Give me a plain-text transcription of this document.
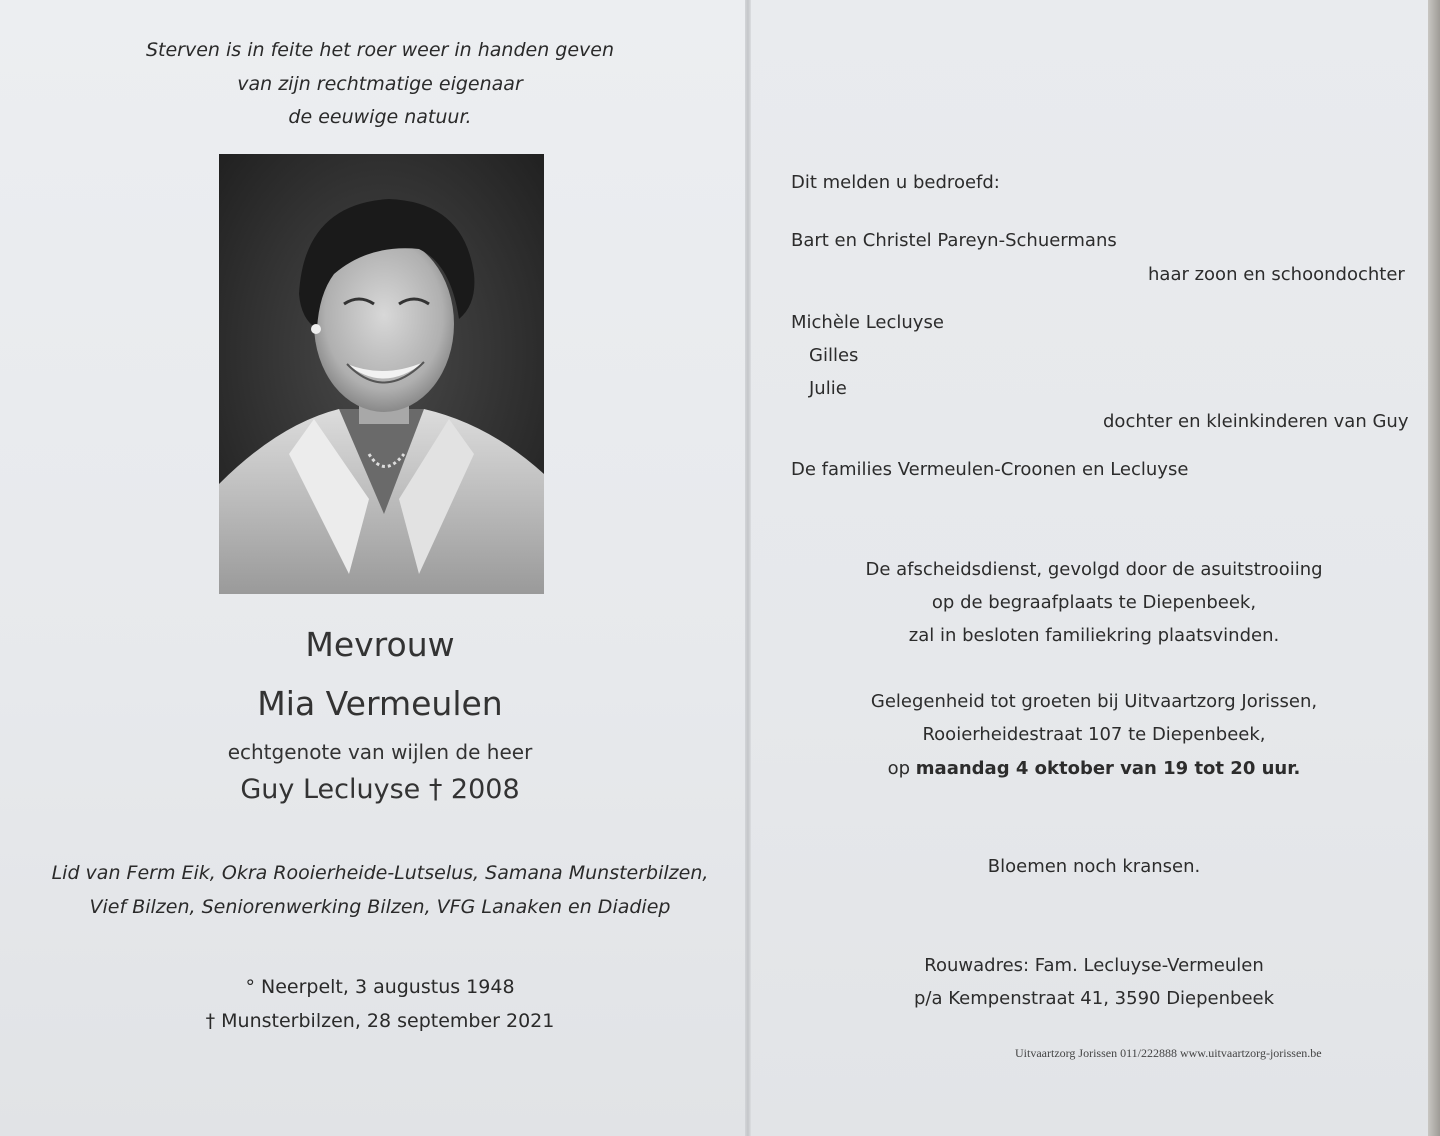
Sterven is in feite het roer weer in handen geven
van zijn rechtmatige eigenaar
de eeuwige natuur.
Mevrouw
Mia Vermeulen
echtgenote van wijlen de heer
Guy Lecluyse † 2008
Lid van Ferm Eik, Okra Rooierheide-Lutselus, Samana Munsterbilzen,
Vief Bilzen, Seniorenwerking Bilzen, VFG Lanaken en Diadiep
° Neerpelt, 3 augustus 1948
† Munsterbilzen, 28 september 2021
Dit melden u bedroefd:
Bart en Christel Pareyn-Schuermans
haar zoon en schoondochter
Michèle Lecluyse
Gilles
Julie
dochter en kleinkinderen van Guy
De families Vermeulen-Croonen en Lecluyse
De afscheidsdienst, gevolgd door de asuitstrooiing
op de begraafplaats te Diepenbeek,
zal in besloten familiekring plaatsvinden.
Gelegenheid tot groeten bij Uitvaartzorg Jorissen,
Rooierheidestraat 107 te Diepenbeek,
op maandag 4 oktober van 19 tot 20 uur.
Bloemen noch kransen.
Rouwadres: Fam. Lecluyse-Vermeulen
p/a Kempenstraat 41, 3590 Diepenbeek
Uitvaartzorg Jorissen 011/222888 www.uitvaartzorg-jorissen.be
